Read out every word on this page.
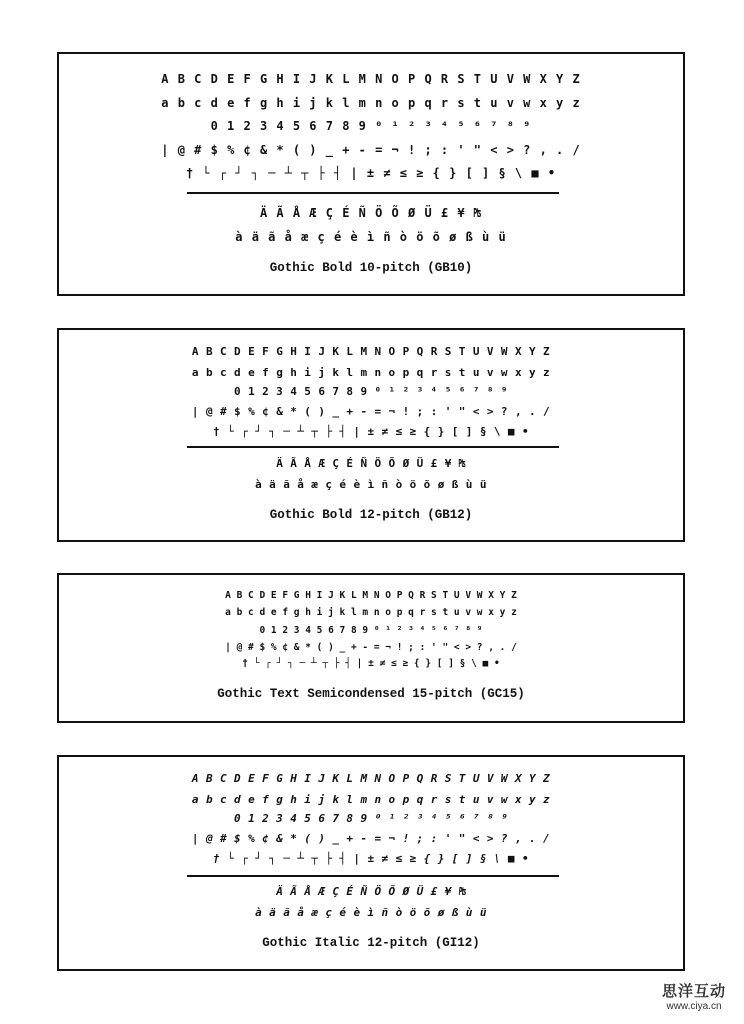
A B C D E F G H I J K L M N O P Q R S T U V W X Y Z
a b c d e f g h i j k l m n o p q r s t u v w x y z
0 1 2 3 4 5 6 7 8 9 ⁰ ¹ ² ³ ⁴ ⁵ ⁶ ⁷ ⁸ ⁹
| @ # $ % ¢ & * ( ) _ + - = ¬ ! ; : ' " < > ? , . /
† └ ┌ ┘ ┐ ─ ┴ ┬ ├ ┤ | ± ≠ ≤ ≥ { } [ ] § \ ■ •
Ä Ã Å Æ Ç É Ñ Ö Õ Ø Ü £ ¥ ₧
à ä ã å æ ç é è ì ñ ò ö õ ø ß ù ü
Gothic Bold 10-pitch (GB10)
A B C D E F G H I J K L M N O P Q R S T U V W X Y Z
a b c d e f g h i j k l m n o p q r s t u v w x y z
0 1 2 3 4 5 6 7 8 9 ⁰ ¹ ² ³ ⁴ ⁵ ⁶ ⁷ ⁸ ⁹
| @ # $ % ¢ & * ( ) _ + - = ¬ ! ; : ' " < > ? , . /
† └ ┌ ┘ ┐ ─ ┴ ┬ ├ ┤ | ± ≠ ≤ ≥ { } [ ] § \ ■ •
Ä Ã Å Æ Ç É Ñ Ö Õ Ø Ü £ ¥ ₧
à ä ã å æ ç é è ì ñ ò ö õ ø ß ù ü
Gothic Bold 12-pitch (GB12)
A B C D E F G H I J K L M N O P Q R S T U V W X Y Z
a b c d e f g h i j k l m n o p q r s t u v w x y z
0 1 2 3 4 5 6 7 8 9 ⁰ ¹ ² ³ ⁴ ⁵ ⁶ ⁷ ⁸ ⁹
| @ # $ % ¢ & * ( ) _ + - = ¬ ! ; : ' " < > ? , . /
† └ ┌ ┘ ┐ ─ ┴ ┬ ├ ┤ | ± ≠ ≤ ≥ { } [ ] § \ ■ •
Gothic Text Semicondensed 15-pitch (GC15)
A B C D E F G H I J K L M N O P Q R S T U V W X Y Z
a b c d e f g h i j k l m n o p q r s t u v w x y z
0 1 2 3 4 5 6 7 8 9 ⁰ ¹ ² ³ ⁴ ⁵ ⁶ ⁷ ⁸ ⁹
| @ # $ % ¢ & * ( ) _ + - = ¬ ! ; : ' " < > ? , . /
† └ ┌ ┘ ┐ ─ ┴ ┬ ├ ┤ | ± ≠ ≤ ≥ { } [ ] § \ ■ •
Ä Ã Å Æ Ç É Ñ Ö Õ Ø Ü £ ¥ ₧
à ä ã å æ ç é è ì ñ ò ö õ ø ß ù ü
Gothic Italic 12-pitch (GI12)
思洋互动
www.ciya.cn
